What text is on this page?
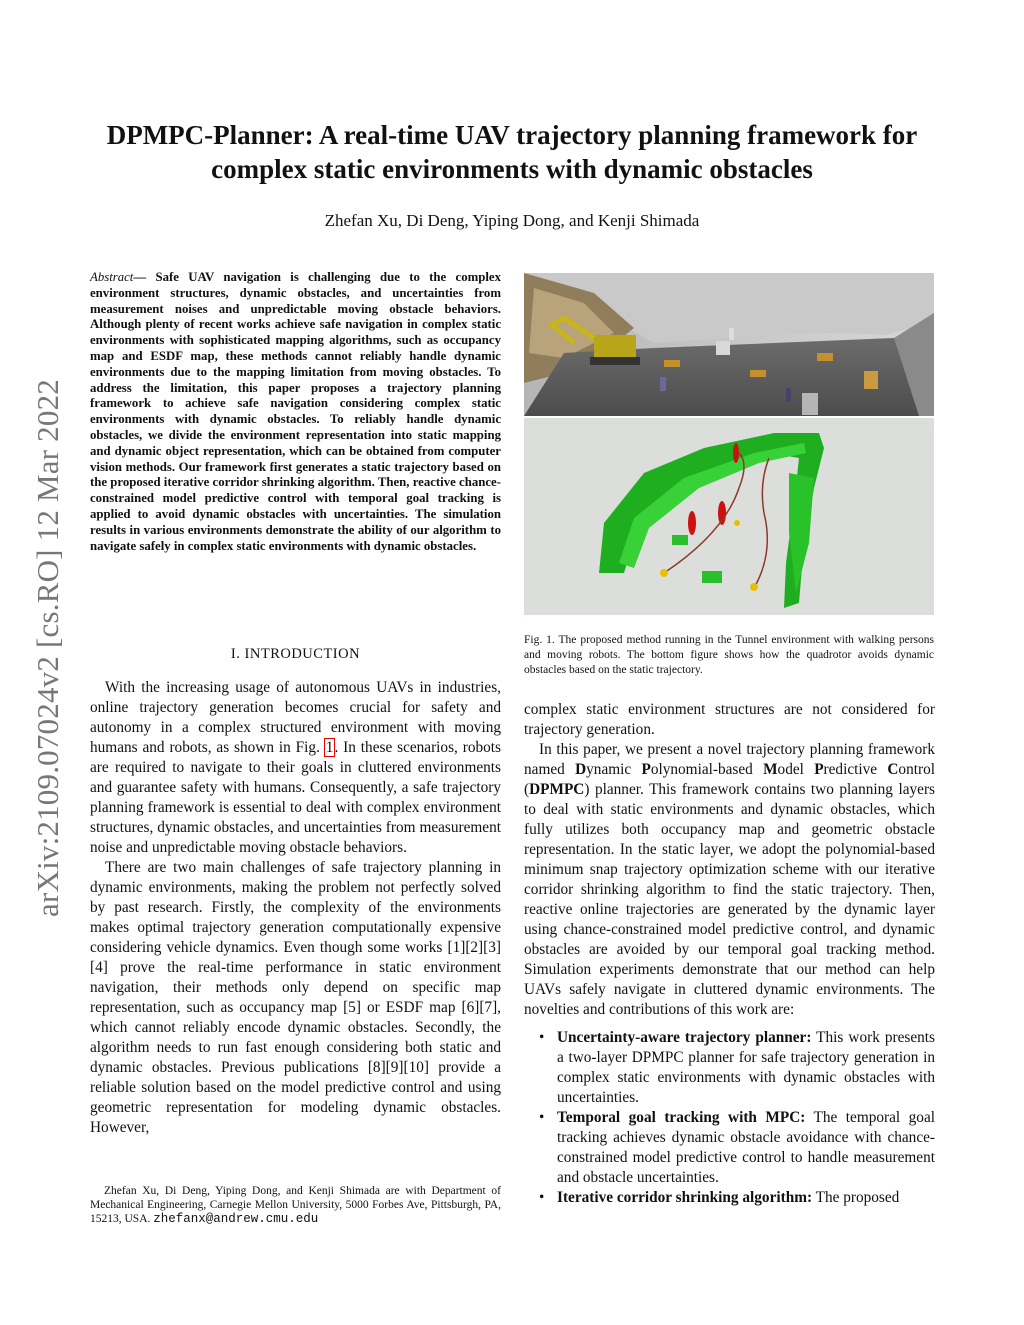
arXiv:2109.07024v2 [cs.RO] 12 Mar 2022
DPMPC-Planner: A real-time UAV trajectory planning framework for
complex static environments with dynamic obstacles
Zhefan Xu, Di Deng, Yiping Dong, and Kenji Shimada
Abstract— Safe UAV navigation is challenging due to the complex environment structures, dynamic obstacles, and uncertainties from measurement noises and unpredictable moving obstacle behaviors. Although plenty of recent works achieve safe navigation in complex static environments with sophisticated mapping algorithms, such as occupancy map and ESDF map, these methods cannot reliably handle dynamic environments due to the mapping limitation from moving obstacles. To address the limitation, this paper proposes a trajectory planning framework to achieve safe navigation considering complex static environments with dynamic obstacles. To reliably handle dynamic obstacles, we divide the environment representation into static mapping and dynamic object representation, which can be obtained from computer vision methods. Our framework first generates a static trajectory based on the proposed iterative corridor shrinking algorithm. Then, reactive chance-constrained model predictive control with temporal goal tracking is applied to avoid dynamic obstacles with uncertainties. The simulation results in various environments demonstrate the ability of our algorithm to navigate safely in complex static environments with dynamic obstacles.
I. INTRODUCTION

With the increasing usage of autonomous UAVs in industries, online trajectory generation becomes crucial for safety and autonomy in a complex structured environment with moving humans and robots, as shown in Fig. 1. In these scenarios, robots are required to navigate to their goals in cluttered environments and guarantee safety with humans. Consequently, a safe trajectory planning framework is essential to deal with complex environment structures, dynamic obstacles, and uncertainties from measurement noise and unpredictable moving obstacle behaviors.

There are two main challenges of safe trajectory planning in dynamic environments, making the problem not perfectly solved by past research. Firstly, the complexity of the environments makes optimal trajectory generation computationally expensive considering vehicle dynamics. Even though some works [1][2][3][4] prove the real-time performance in static environment navigation, their methods only depend on specific map representation, such as occupancy map [5] or ESDF map [6][7], which cannot reliably encode dynamic obstacles. Secondly, the algorithm needs to run fast enough considering both static and dynamic obstacles. Previous publications [8][9][10] provide a reliable solution based on the model predictive control and using geometric representation for modeling dynamic obstacles. However,

Zhefan Xu, Di Deng, Yiping Dong, and Kenji Shimada are with Department of Mechanical Engineering, Carnegie Mellon University, 5000 Forbes Ave, Pittsburgh, PA, 15213, USA. zhefanx@andrew.cmu.edu
Fig. 1. The proposed method running in the Tunnel environment with walking persons and moving robots. The bottom figure shows how the quadrotor avoids dynamic obstacles based on the static trajectory.

complex static environment structures are not considered for trajectory generation.

In this paper, we present a novel trajectory planning framework named Dynamic Polynomial-based Model Predictive Control (DPMPC) planner. This framework contains two planning layers to deal with static environments and dynamic obstacles, which fully utilizes both occupancy map and geometric obstacle representation. In the static layer, we adopt the polynomial-based minimum snap trajectory optimization scheme with our iterative corridor shrinking algorithm to find the static trajectory. Then, reactive online trajectories are generated by the dynamic layer using chance-constrained model predictive control, and dynamic obstacles are avoided by our temporal goal tracking method. Simulation experiments demonstrate that our method can help UAVs safely navigate in cluttered dynamic environments. The novelties and contributions of this work are:

• Uncertainty-aware trajectory planner: This work presents a two-layer DPMPC planner for safe trajectory generation in complex static environments with dynamic obstacles with uncertainties.
• Temporal goal tracking with MPC: The temporal goal tracking achieves dynamic obstacle avoidance with chance-constrained model predictive control to handle measurement and obstacle uncertainties.
• Iterative corridor shrinking algorithm: The proposed
